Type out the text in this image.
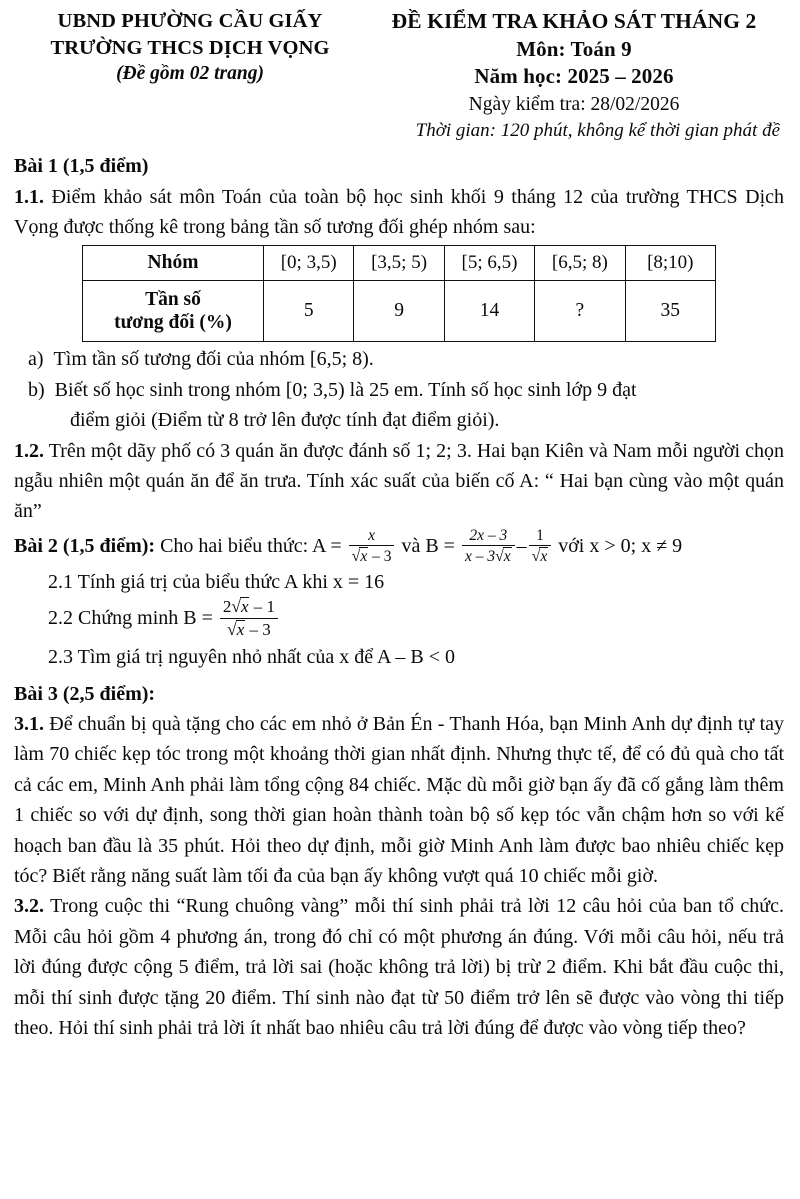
UBND PHƯỜNG CẦU GIẤY
TRƯỜNG THCS DỊCH VỌNG
(Đề gồm 02 trang)
ĐỀ KIỂM TRA KHẢO SÁT THÁNG 2
Môn: Toán 9
Năm học: 2025 – 2026
Ngày kiểm tra: 28/02/2026
Thời gian: 120 phút, không kể thời gian phát đề
Bài 1 (1,5 điểm)

1.1. Điểm khảo sát môn Toán của toàn bộ học sinh khối 9 tháng 12 của trường THCS Dịch Vọng được thống kê trong bảng tần số tương đối ghép nhóm sau:

Nhóm	[0; 3,5)	[3,5; 5)	[5; 6,5)	[6,5; 8)	[8;10)
Tần số
tương đối (%)	5	9	14	?	35

a) Tìm tần số tương đối của nhóm [6,5; 8).

b) Biết số học sinh trong nhóm [0; 3,5) là 25 em. Tính số học sinh lớp 9 đạt

điểm giỏi (Điểm từ 8 trở lên được tính đạt điểm giỏi).

1.2. Trên một dãy phố có 3 quán ăn được đánh số 1; 2; 3. Hai bạn Kiên và Nam mỗi người chọn ngẫu nhiên một quán ăn để ăn trưa. Tính xác suất của biến cố A: “ Hai bạn cùng vào một quán ăn”

Bài 2 (1,5 điểm): Cho hai biểu thức: $A = \frac{x}{√x - 3}$ và $B = \frac{2x - 3}{x - 3√x} - \frac{1}{√x}$ với x > 0; x ≠ 9

2.1 Tính giá trị của biểu thức A khi x = 16

2.2 Chứng minh $B = \frac{2√x - 1}{√x - 3}$

2.3 Tìm giá trị nguyên nhỏ nhất của x để A – B < 0

Bài 3 (2,5 điểm):

3.1. Để chuẩn bị quà tặng cho các em nhỏ ở Bản Én - Thanh Hóa, bạn Minh Anh dự định tự tay làm 70 chiếc kẹp tóc trong một khoảng thời gian nhất định. Nhưng thực tế, để có đủ quà cho tất cả các em, Minh Anh phải làm tổng cộng 84 chiếc. Mặc dù mỗi giờ bạn ấy đã cố gắng làm thêm 1 chiếc so với dự định, song thời gian hoàn thành toàn bộ số kẹp tóc vẫn chậm hơn so với kế hoạch ban đầu là 35 phút. Hỏi theo dự định, mỗi giờ Minh Anh làm được bao nhiêu chiếc kẹp tóc? Biết rằng năng suất làm tối đa của bạn ấy không vượt quá 10 chiếc mỗi giờ.

3.2. Trong cuộc thi “Rung chuông vàng” mỗi thí sinh phải trả lời 12 câu hỏi của ban tổ chức. Mỗi câu hỏi gồm 4 phương án, trong đó chỉ có một phương án đúng. Với mỗi câu hỏi, nếu trả lời đúng được cộng 5 điểm, trả lời sai (hoặc không trả lời) bị trừ 2 điểm. Khi bắt đầu cuộc thi, mỗi thí sinh được tặng 20 điểm. Thí sinh nào đạt từ 50 điểm trở lên sẽ được vào vòng thi tiếp theo. Hỏi thí sinh phải trả lời ít nhất bao nhiêu câu trả lời đúng để được vào vòng tiếp theo?
